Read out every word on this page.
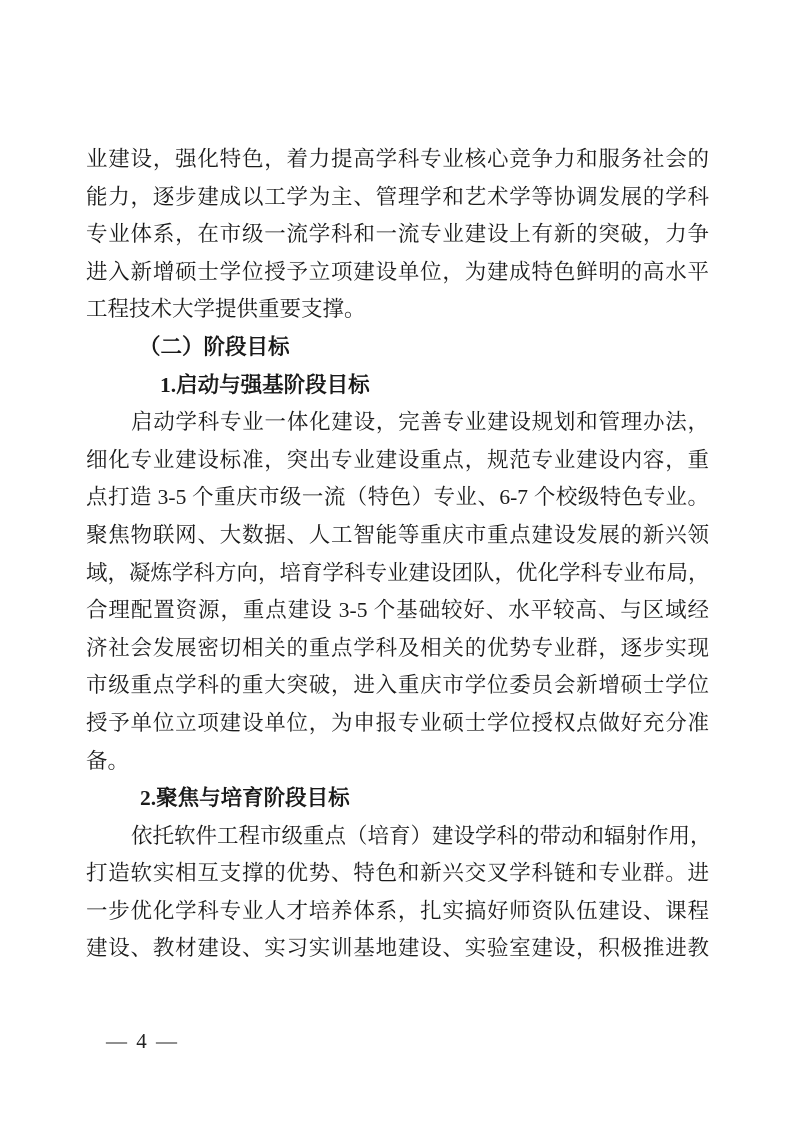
业建设，强化特色，着力提高学科专业核心竞争力和服务社会的
能力，逐步建成以工学为主、管理学和艺术学等协调发展的学科
专业体系，在市级一流学科和一流专业建设上有新的突破，力争
进入新增硕士学位授予立项建设单位，为建成特色鲜明的高水平
工程技术大学提供重要支撑。
（二）阶段目标
1.启动与强基阶段目标
启动学科专业一体化建设，完善专业建设规划和管理办法，
细化专业建设标准，突出专业建设重点，规范专业建设内容，重
点打造 3-5 个重庆市级一流（特色）专业、6-7 个校级特色专业。
聚焦物联网、大数据、人工智能等重庆市重点建设发展的新兴领
域，凝炼学科方向，培育学科专业建设团队，优化学科专业布局，
合理配置资源，重点建设 3-5 个基础较好、水平较高、与区域经
济社会发展密切相关的重点学科及相关的优势专业群，逐步实现
市级重点学科的重大突破，进入重庆市学位委员会新增硕士学位
授予单位立项建设单位，为申报专业硕士学位授权点做好充分准
备。
2.聚焦与培育阶段目标
依托软件工程市级重点（培育）建设学科的带动和辐射作用，
打造软实相互支撑的优势、特色和新兴交叉学科链和专业群。进
一步优化学科专业人才培养体系，扎实搞好师资队伍建设、课程
建设、教材建设、实习实训基地建设、实验室建设，积极推进教
— 4 —
